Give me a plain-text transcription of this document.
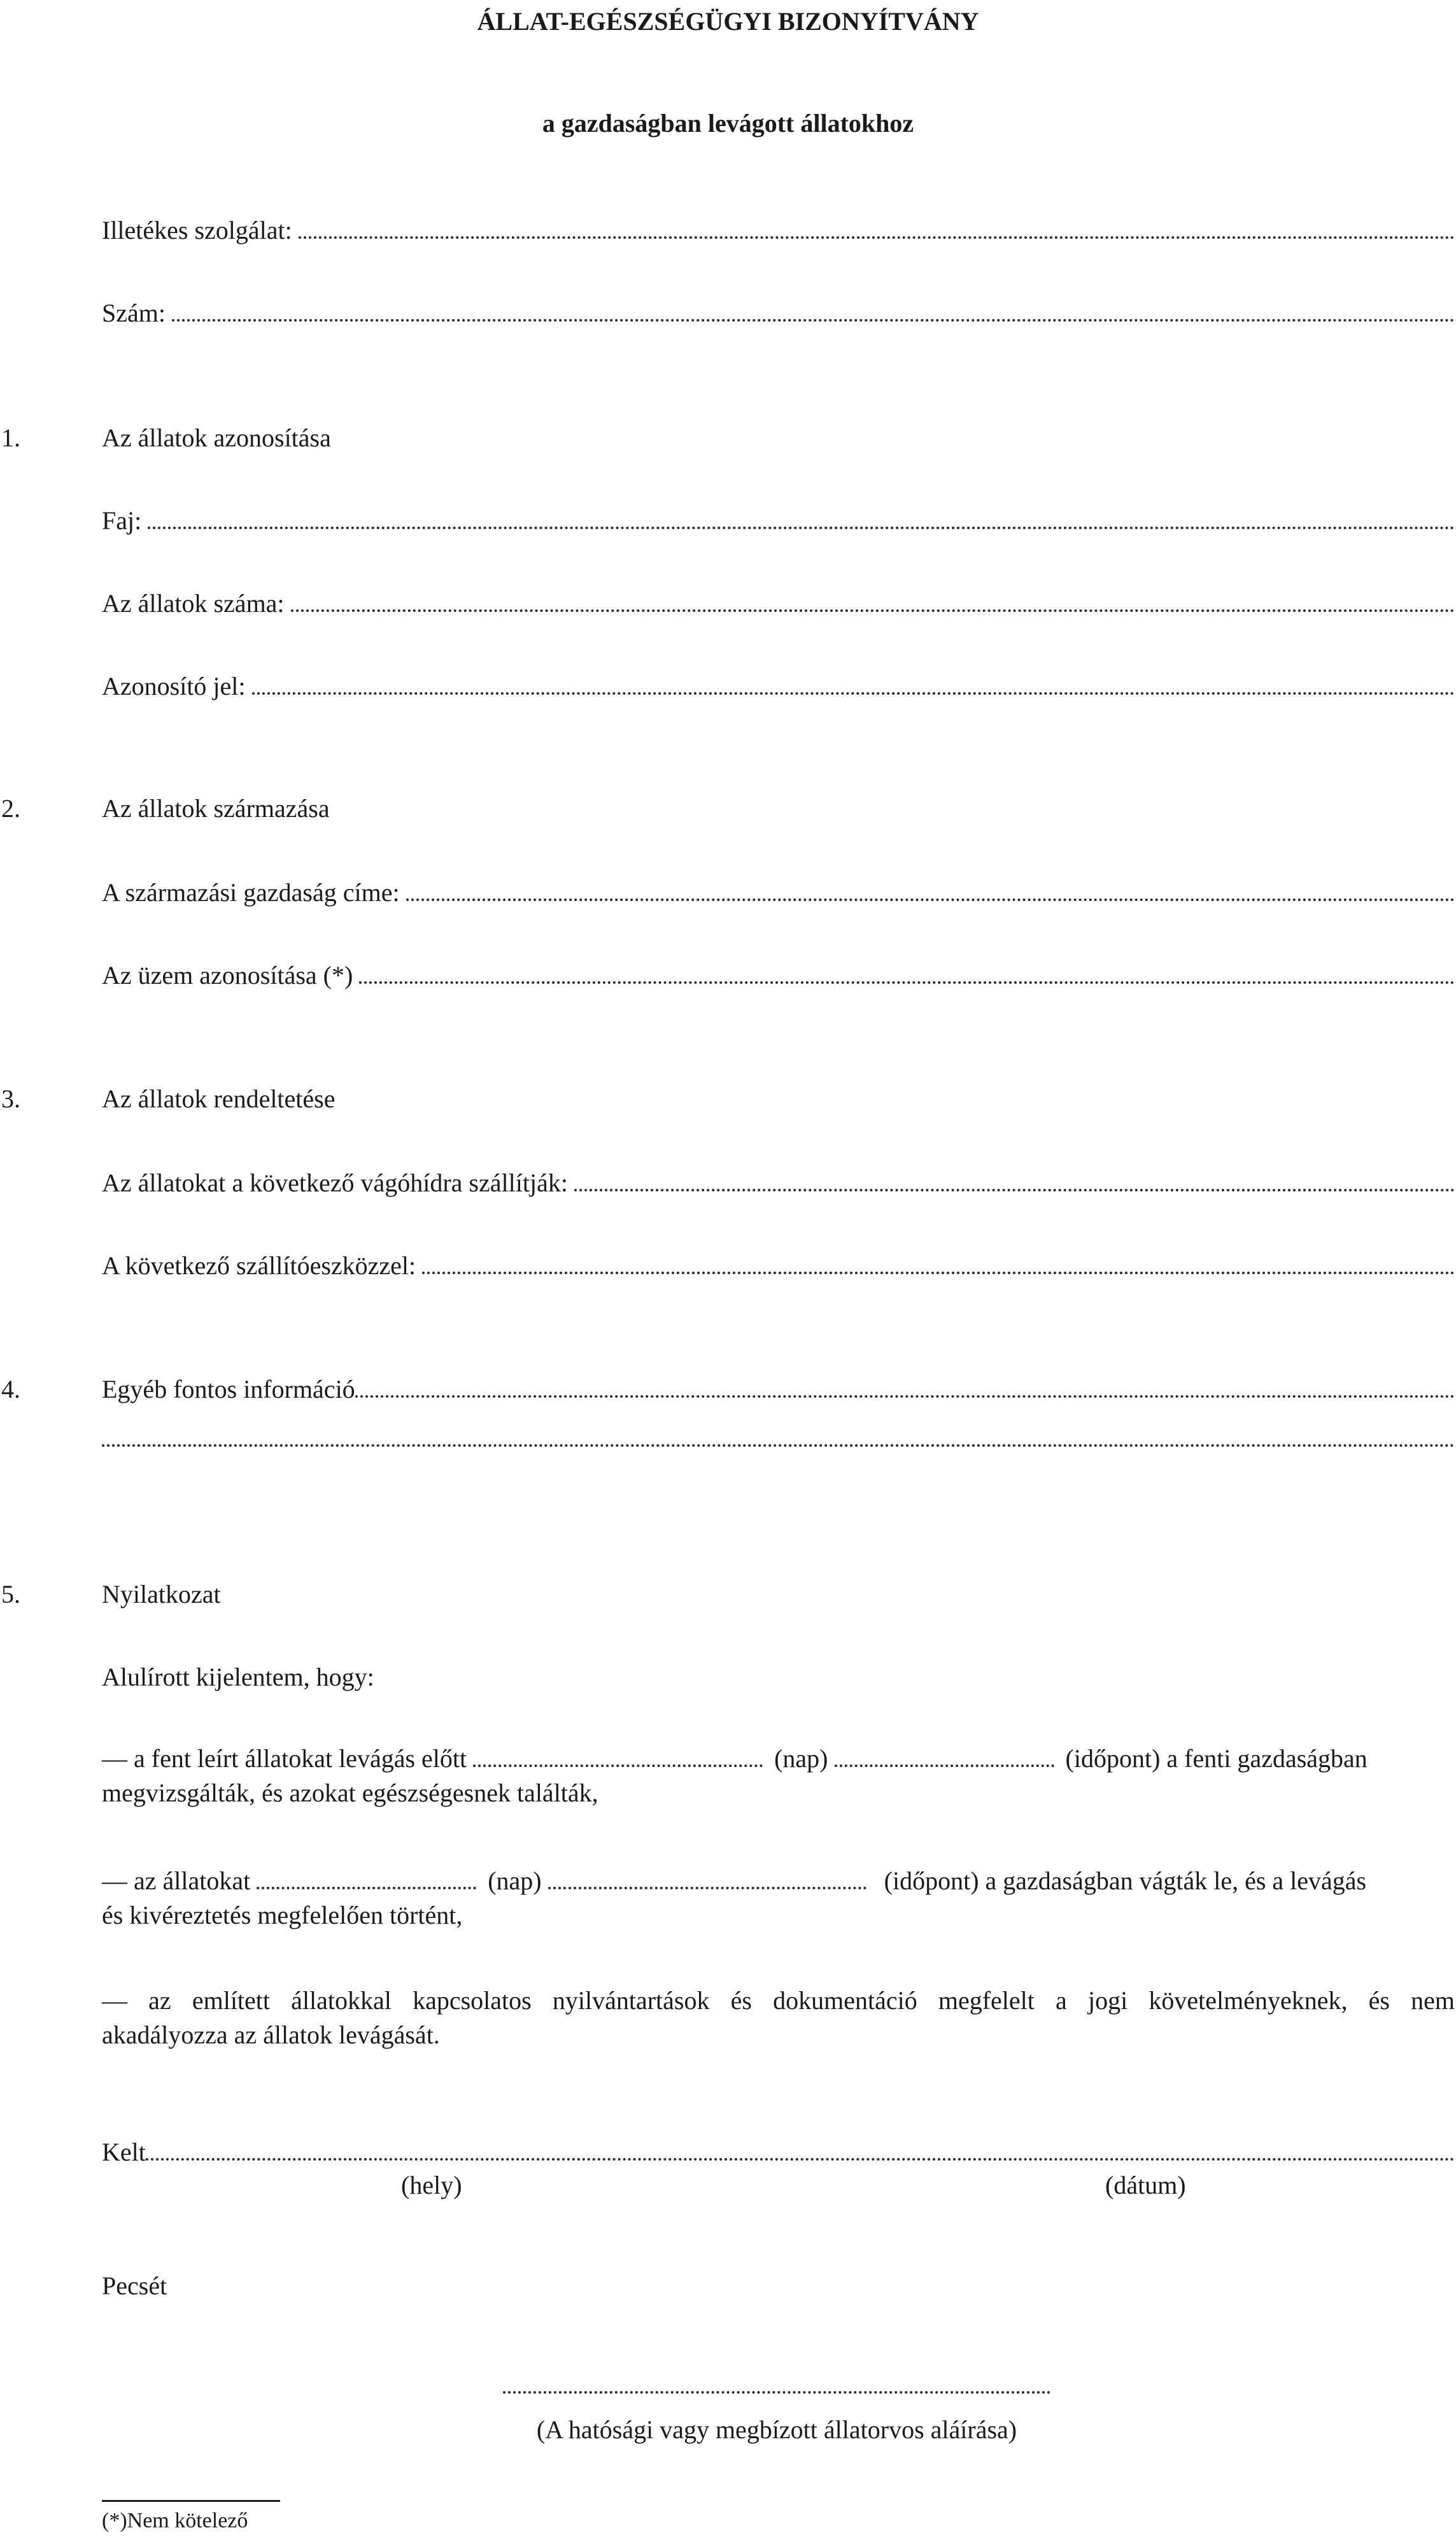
ÁLLAT-EGÉSZSÉGÜGYI BIZONYÍTVÁNY
a gazdaságban levágott állatokhoz
Illetékes szolgálat:
Szám:
1.	Az állatok azonosítása
Faj:
Az állatok száma:
Azonosító jel:
2.	Az állatok származása
A származási gazdaság címe:
Az üzem azonosítása (*)
3.	Az állatok rendeltetése
Az állatokat a következő vágóhídra szállítják:
A következő szállítóeszközzel:
4.	Egyéb fontos információ
5.	Nyilatkozat
Alulírott kijelentem, hogy:
— a fent leírt állatokat levágás előtt	(nap)	(időpont) a fenti gazdaságban
megvizsgálták, és azokat egészségesnek találták,
— az állatokat	(nap)	(időpont) a gazdaságban vágták le, és a levágás
és kivéreztetés megfelelően történt,
— az említett állatokkal kapcsolatos nyilvántartások és dokumentáció megfelelt a jogi követelményeknek, és nem
akadályozza az állatok levágását.
Kelt
(hely)	(dátum)
Pecsét
(A hatósági vagy megbízott állatorvos aláírása)
(*)Nem kötelező
